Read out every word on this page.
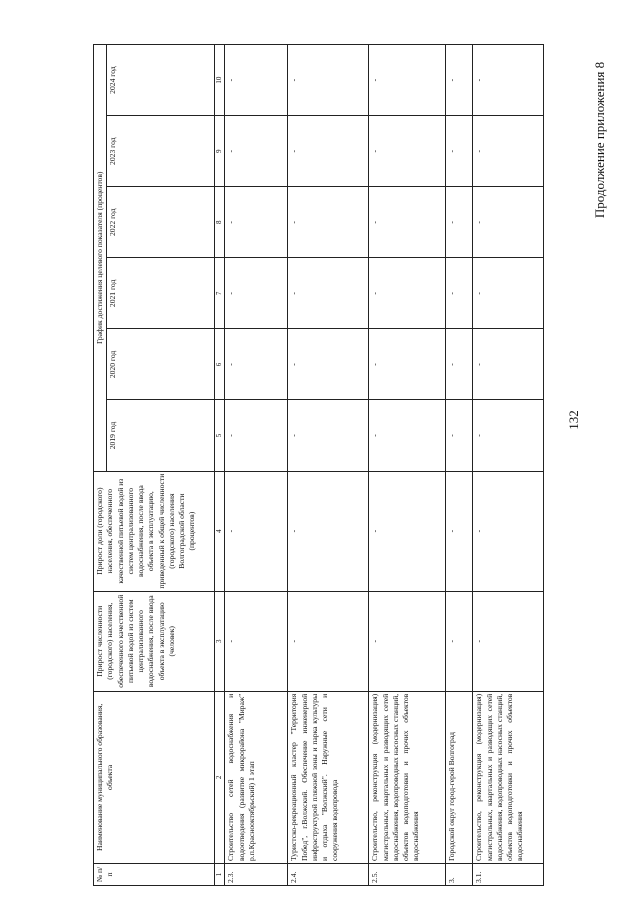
132
Продолжение приложения 8
№ п/п	Наименование муниципального образования, объекта	Прирост численности (городского) населения, обеспеченного качественной питьевой водой из систем централизованного водоснабжения, после ввода объекта в эксплуатацию (человек)	Прирост доли (городского) населения, обеспеченного качественной питьевой водой из систем централизованного водоснабжения, после ввода объекта в эксплуатацию, приведенный к общей численности (городского) населения Волгоградской области (процентов)	График достижения целевого показателя (процентов)					
				2019 год	2020 год	2021 год	2022 год	2023 год	2024 год
1	2	3	4	5	6	7	8	9	10
2.3.	Строительство сетей водоснабжения и водоотведения (развитие микрорайона "Мираж" р.п.Краснооктябрьский) 1 этап	-	-	-	-	-	-	-	-
2.4.	Туристско-рекреационный кластер "Территория Побед", г.Волжский. Обеспечение инженерной инфраструктурой пляжной зоны и парка культуры и отдыха "Волжский". Наружные сети и сооружения водопровода	-	-	-	-	-	-	-	-
2.5.	Строительство, реконструкция (модернизация) магистральных, квартальных и разводящих сетей водоснабжения, водопроводных насосных станций, объектов водоподготовки и прочих объектов водоснабжения	-	-	-	-	-	-	-	-
3.	Городской округ город-герой Волгоград	-	-	-	-	-	-	-	-
3.1.	Строительство, реконструкция (модернизация) магистральных, квартальных и разводящих сетей водоснабжения, водопроводных насосных станций, объектов водоподготовки и прочих объектов водоснабжения	-	-	-	-	-	-	-	-
